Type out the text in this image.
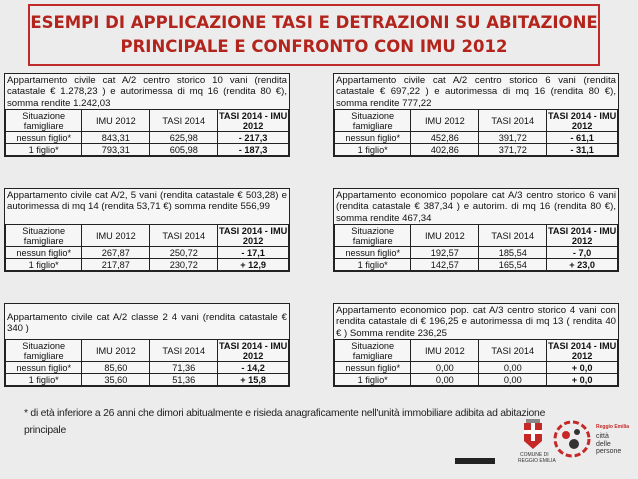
ESEMPI DI APPLICAZIONE TASI E DETRAZIONI SU ABITAZIONE
PRINCIPALE E CONFRONTO CON IMU 2012
Appartamento civile cat A/2 centro storico 10 vani (rendita catastale € 1.278,23 ) e autorimessa di mq 16 (rendita 80 €), somma rendite 1.242,03
Situazione famigliare	IMU 2012	TASI 2014	TASI 2014 - IMU 2012
nessun figlio*	843,31	625,98	- 217,3
1 figlio*	793,31	605,98	- 187,3
Appartamento civile cat A/2 centro storico 6 vani (rendita catastale € 697,22 ) e autorimessa di mq 16 (rendita 80 €), somma rendite 777,22
Situazione famigliare	IMU 2012	TASI 2014	TASI 2014 - IMU 2012
nessun figlio*	452,86	391,72	- 61,1
1 figlio*	402,86	371,72	- 31,1
Appartamento civile cat A/2, 5 vani (rendita catastale € 503,28) e autorimessa di mq 14 (rendita 53,71 €) somma rendite 556,99
Situazione famigliare	IMU 2012	TASI 2014	TASI 2014 - IMU 2012
nessun figlio*	267,87	250,72	- 17,1
1 figlio*	217,87	230,72	+ 12,9
Appartamento economico popolare cat A/3 centro storico 6 vani (rendita catastale € 387,34 ) e autorim. di mq 16 (rendita 80 €), somma rendite 467,34
Situazione famigliare	IMU 2012	TASI 2014	TASI 2014 - IMU 2012
nessun figlio*	192,57	185,54	- 7,0
1 figlio*	142,57	165,54	+ 23,0
Appartamento civile cat A/2 classe 2 4 vani (rendita catastale € 340 )
Situazione famigliare	IMU 2012	TASI 2014	TASI 2014 - IMU 2012
nessun figlio*	85,60	71,36	- 14,2
1 figlio*	35,60	51,36	+ 15,8
Appartamento economico pop. cat A/3 centro storico 4 vani con rendita catastale di € 196,25 e autorimessa di mq 13 ( rendita 40 € ) Somma rendite 236,25
Situazione famigliare	IMU 2012	TASI 2014	TASI 2014 - IMU 2012
nessun figlio*	0,00	0,00	+ 0,0
1 figlio*	0,00	0,00	+ 0,0
* di età inferiore a 26 anni che dimori abitualmente e risieda anagraficamente nell'unità immobiliare adibita ad abitazione
principale
COMUNE DI
REGGIO EMILIA
Reggio Emilia
città
delle persone
